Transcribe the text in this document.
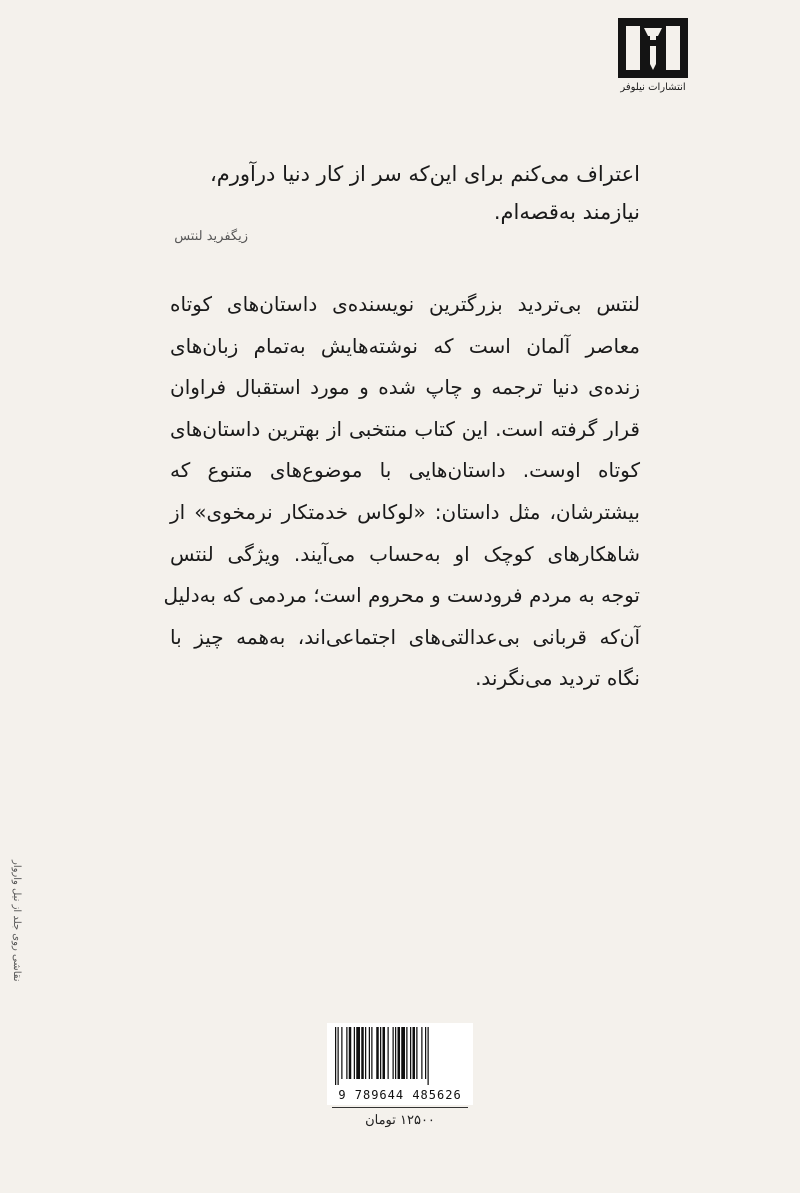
انتشارات نیلوفر
اعتراف می‌کنم برای این‌که سر از کار دنیا درآورم،
نیازمند به‌قصه‌ام.
زیگفرید لنتس
لنتس بی‌تردید بزرگترین نویسنده‌ی داستان‌های کوتاه
معاصر آلمان است که نوشته‌هایش به‌تمام زبان‌های
زنده‌ی دنیا ترجمه و چاپ شده و مورد استقبال فراوان
قرار گرفته است. این کتاب منتخبی از بهترین داستان‌های
کوتاه اوست. داستان‌هایی با موضوع‌های متنوع که
بیشترشان، مثل داستان: «لوکاس خدمتکار نرمخوی» از
شاهکارهای کوچک او به‌حساب می‌آیند. ویژگی لنتس
توجه به مردم فرودست و محروم است؛ مردمی که به‌دلیل
آن‌که قربانی بی‌عدالتی‌های اجتماعی‌اند، به‌همه چیز با
نگاه تردید می‌نگرند.
نقاشی روی جلد از نیل واروار
9 789644 485626
۱۲۵۰۰ تومان
